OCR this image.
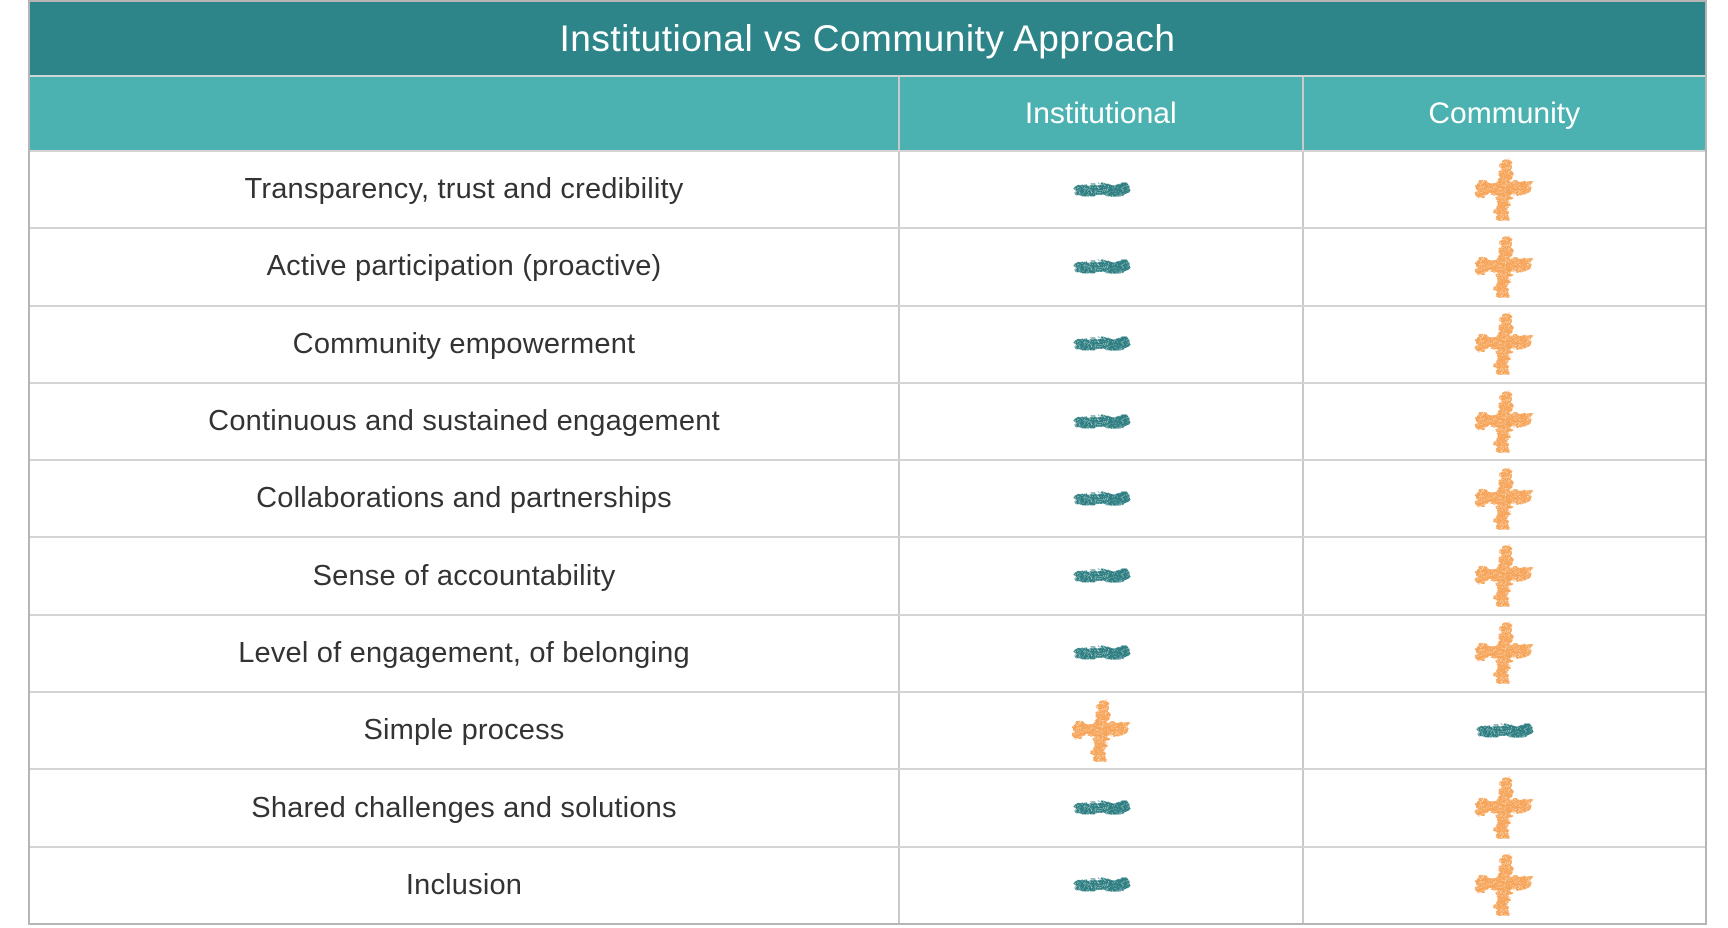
Institutional vs Community Approach
Institutional	Community
Transparency, trust and credibility
Active participation (proactive)
Community empowerment
Continuous and sustained engagement
Collaborations and partnerships
Sense of accountability
Level of engagement, of belonging
Simple process
Shared challenges and solutions
Inclusion
